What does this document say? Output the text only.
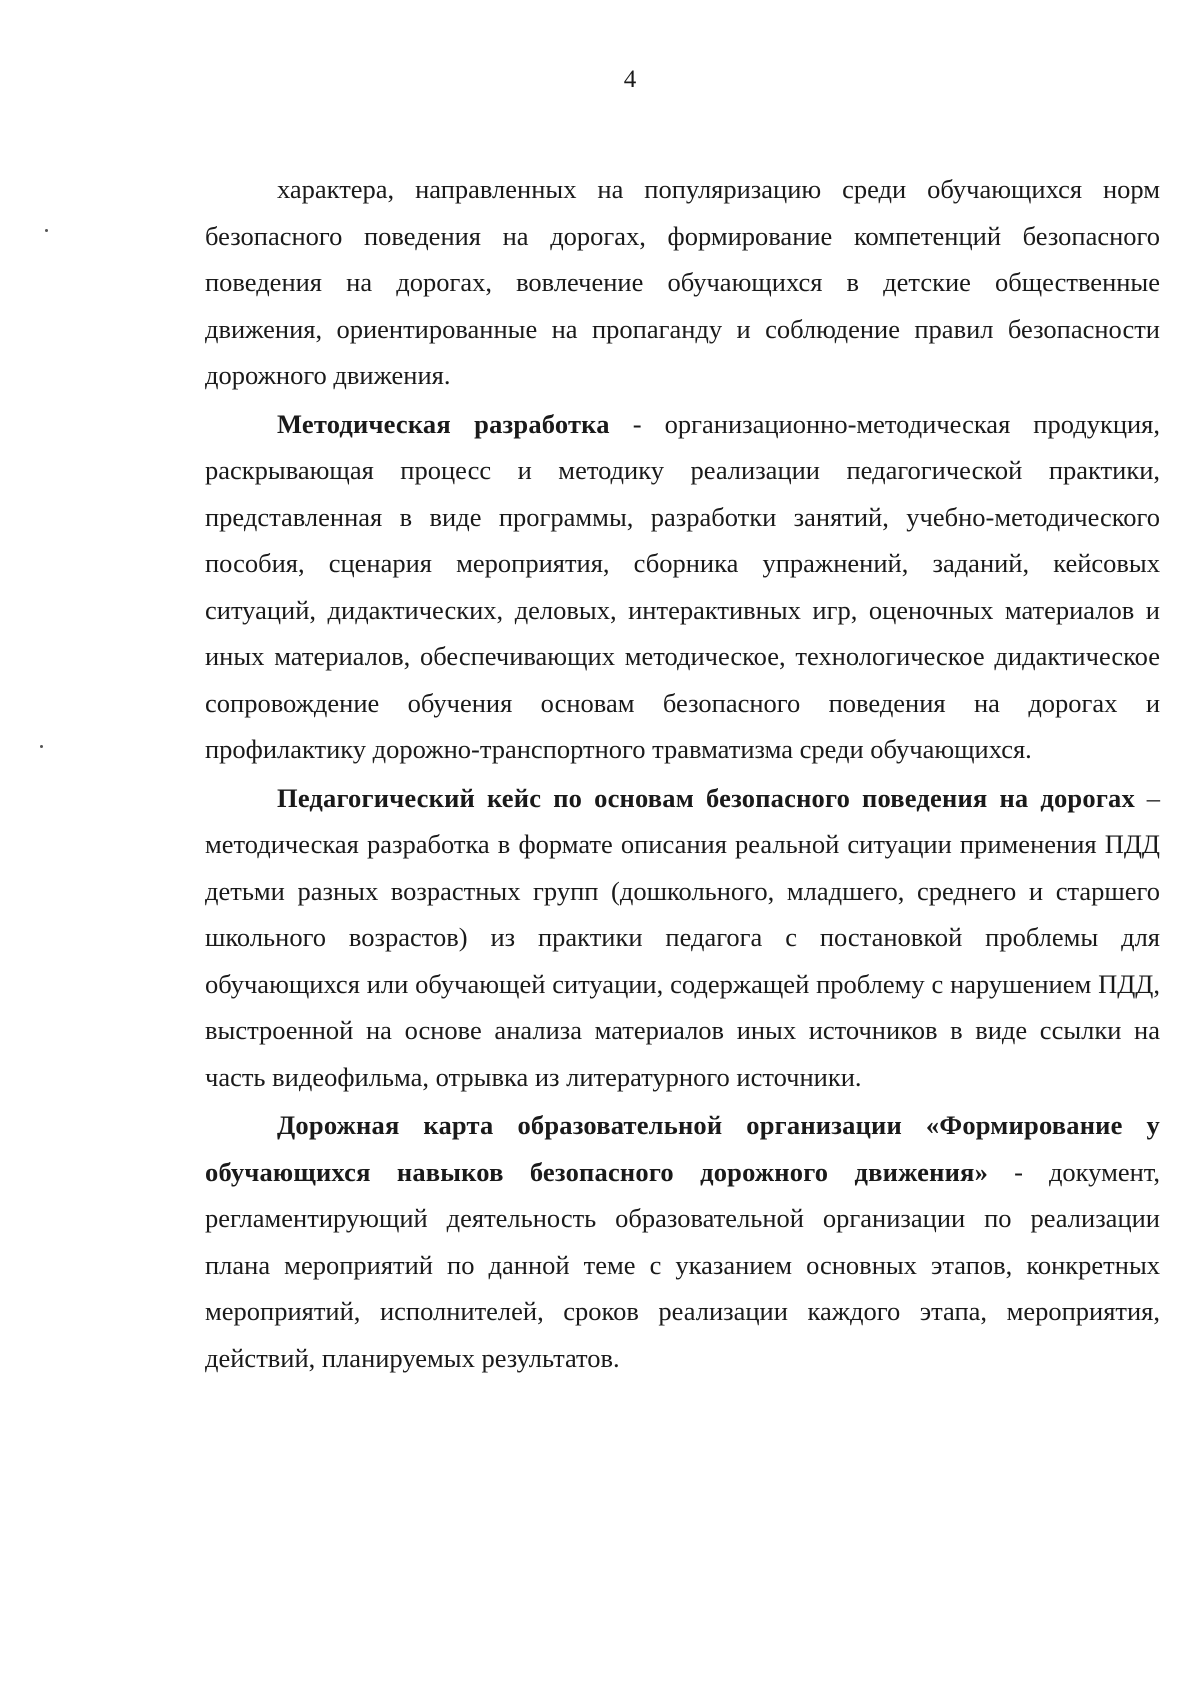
4

характера, направленных на популяризацию среди обучающихся норм безопасного поведения на дорогах, формирование компетенций безопасного поведения на дорогах, вовлечение обучающихся в детские общественные движения, ориентированные на пропаганду и соблюдение правил безопасности дорожного движения.

Методическая разработка - организационно-методическая продукция, раскрывающая процесс и методику реализации педагогической практики, представленная в виде программы, разработки занятий, учебно-методического пособия, сценария мероприятия, сборника упражнений, заданий, кейсовых ситуаций, дидактических, деловых, интерактивных игр, оценочных материалов и иных материалов, обеспечивающих методическое, технологическое дидактическое сопровождение обучения основам безопасного поведения на дорогах и профилактику дорожно-транспортного травматизма среди обучающихся.

Педагогический кейс по основам безопасного поведения на дорогах – методическая разработка в формате описания реальной ситуации применения ПДД детьми разных возрастных групп (дошкольного, младшего, среднего и старшего школьного возрастов) из практики педагога с постановкой проблемы для обучающихся или обучающей ситуации, содержащей проблему с нарушением ПДД, выстроенной на основе анализа материалов иных источников в виде ссылки на часть видеофильма, отрывка из литературного источники.

Дорожная карта образовательной организации «Формирование у обучающихся навыков безопасного дорожного движения» - документ, регламентирующий деятельность образовательной организации по реализации плана мероприятий по данной теме с указанием основных этапов, конкретных мероприятий, исполнителей, сроков реализации каждого этапа, мероприятия, действий, планируемых результатов.
